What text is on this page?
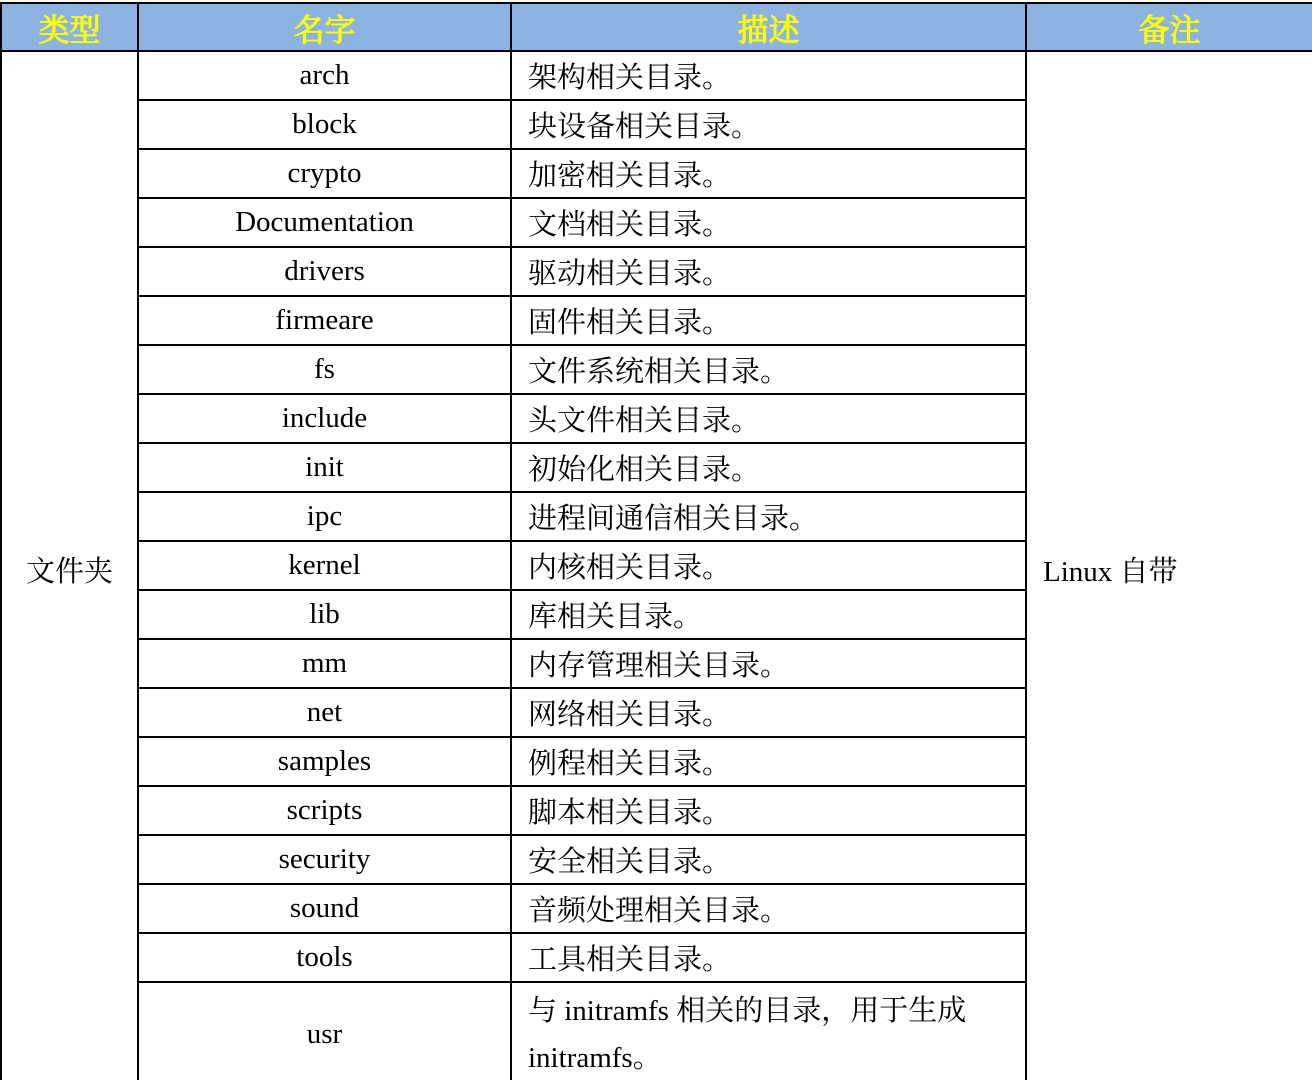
类型	名字	描述	备注
文件夹	arch	架构相关目录。	Linux 自带
	block	块设备相关目录。	
	crypto	加密相关目录。	
	Documentation	文档相关目录。	
	drivers	驱动相关目录。	
	firmeare	固件相关目录。	
	fs	文件系统相关目录。	
	include	头文件相关目录。	
	init	初始化相关目录。	
	ipc	进程间通信相关目录。	
	kernel	内核相关目录。	
	lib	库相关目录。	
	mm	内存管理相关目录。	
	net	网络相关目录。	
	samples	例程相关目录。	
	scripts	脚本相关目录。	
	security	安全相关目录。	
	sound	音频处理相关目录。	
	tools	工具相关目录。	
	usr	与 initramfs 相关的目录，用于生成 initramfs。	
